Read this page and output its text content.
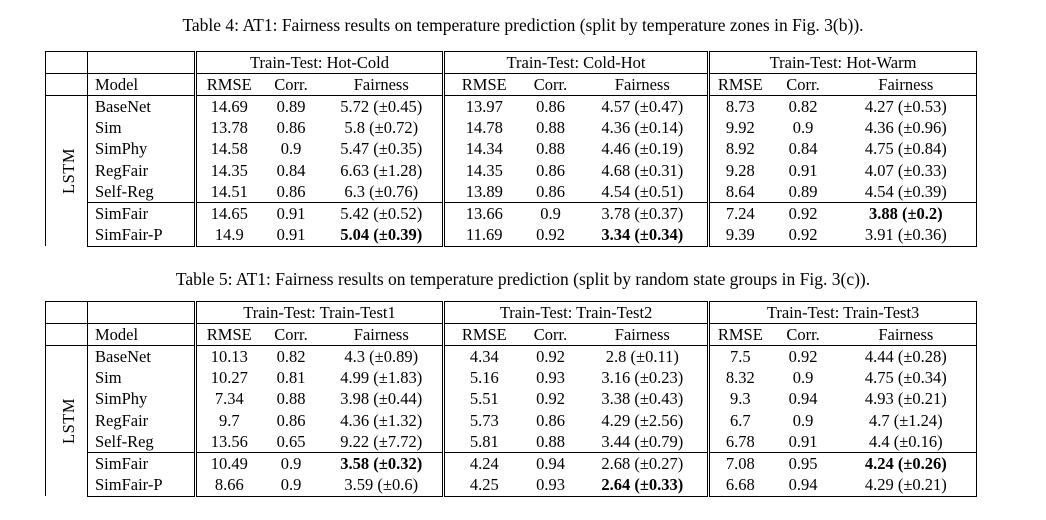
Table 4: AT1: Fairness results on temperature prediction (split by temperature zones in Fig. 3(b)).
		Train-Test: Hot-Cold			Train-Test: Cold-Hot			Train-Test: Hot-Warm		
	Model	RMSE	Corr.	Fairness	RMSE	Corr.	Fairness	RMSE	Corr.	Fairness
LSTM	BaseNet	14.69	0.89	5.72 (±0.45)	13.97	0.86	4.57 (±0.47)	8.73	0.82	4.27 (±0.53)
	Sim	13.78	0.86	5.8 (±0.72)	14.78	0.88	4.36 (±0.14)	9.92	0.9	4.36 (±0.96)
	SimPhy	14.58	0.9	5.47 (±0.35)	14.34	0.88	4.46 (±0.19)	8.92	0.84	4.75 (±0.84)
	RegFair	14.35	0.84	6.63 (±1.28)	14.35	0.86	4.68 (±0.31)	9.28	0.91	4.07 (±0.33)
	Self-Reg	14.51	0.86	6.3 (±0.76)	13.89	0.86	4.54 (±0.51)	8.64	0.89	4.54 (±0.39)
	SimFair	14.65	0.91	5.42 (±0.52)	13.66	0.9	3.78 (±0.37)	7.24	0.92	3.88 (±0.2)
	SimFair-P	14.9	0.91	5.04 (±0.39)	11.69	0.92	3.34 (±0.34)	9.39	0.92	3.91 (±0.36)
Table 5: AT1: Fairness results on temperature prediction (split by random state groups in Fig. 3(c)).
		Train-Test: Train-Test1			Train-Test: Train-Test2			Train-Test: Train-Test3		
	Model	RMSE	Corr.	Fairness	RMSE	Corr.	Fairness	RMSE	Corr.	Fairness
LSTM	BaseNet	10.13	0.82	4.3 (±0.89)	4.34	0.92	2.8 (±0.11)	7.5	0.92	4.44 (±0.28)
	Sim	10.27	0.81	4.99 (±1.83)	5.16	0.93	3.16 (±0.23)	8.32	0.9	4.75 (±0.34)
	SimPhy	7.34	0.88	3.98 (±0.44)	5.51	0.92	3.38 (±0.43)	9.3	0.94	4.93 (±0.21)
	RegFair	9.7	0.86	4.36 (±1.32)	5.73	0.86	4.29 (±2.56)	6.7	0.9	4.7 (±1.24)
	Self-Reg	13.56	0.65	9.22 (±7.72)	5.81	0.88	3.44 (±0.79)	6.78	0.91	4.4 (±0.16)
	SimFair	10.49	0.9	3.58 (±0.32)	4.24	0.94	2.68 (±0.27)	7.08	0.95	4.24 (±0.26)
	SimFair-P	8.66	0.9	3.59 (±0.6)	4.25	0.93	2.64 (±0.33)	6.68	0.94	4.29 (±0.21)
